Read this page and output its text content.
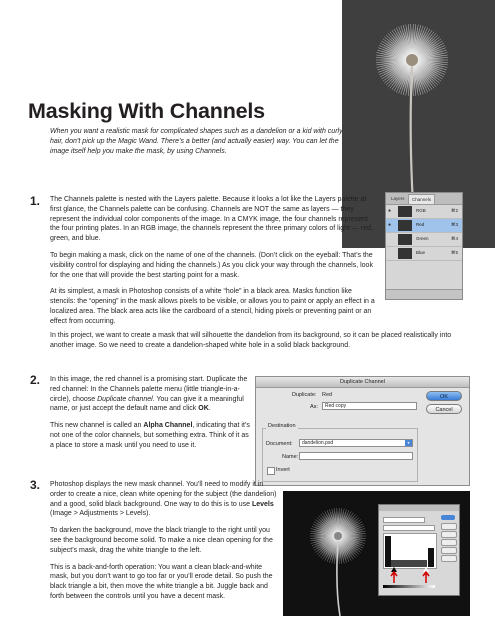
Masking With Channels

When you want a realistic mask for complicated shapes such as a dandelion or a kid with curly hair, don’t pick up the Magic Wand. There’s a better (and actually easier) way. You can let the image itself help you make the mask, by using Channels.

1. The Channels palette is nested with the Layers palette. Because it looks a lot like the Layers palette at first glance, the Channels palette can be confusing. Channels are NOT the same as layers — they represent the individual color components of the image. In a CMYK image, the four channels represent the four printing plates. In an RGB image, the channels represent the three primary colors of light — red, green, and blue.

To begin making a mask, click on the name of one of the channels. (Don’t click on the eyeball: That’s the visibility control for displaying and hiding the channels.) As you click your way through the channels, look for the one that will provide the best starting point for a mask.

At its simplest, a mask in Photoshop consists of a white “hole” in a black area. Masks function like stencils: the “opening” in the mask allows pixels to be visible, or allows you to paint or apply an effect in a localized area. The black area acts like the cardboard of a stencil, hiding pixels or preventing paint or an effect from occurring.

In this project, we want to create a mask that will silhouette the dandelion from its background, so it can be placed realistically into another image. So we need to create a dandelion-shaped white hole in a solid black background.

Layers	Channels
●	RGB	⌘2
●	Red	⌘3
Green	⌘4
Blue	⌘5
2. In this image, the red channel is a promising start. Duplicate the red channel: In the Channels palette menu (little triangle-in-a-circle), choose Duplicate channel. You can give it a meaningful name, or just accept the default name and click OK.

This new channel is called an Alpha Channel, indicating that it’s not one of the color channels, but something extra. Think of it as a place to store a mask until you need to use it.

Duplicate Channel
Duplicate: Red
As:	Red copy
Destination
Document:	dandelion.psd	▾
Name:
Invert
OK
Cancel
3. Photoshop displays the new mask channel. You’ll need to modify it in order to create a nice, clean white opening for the subject (the dandelion) and a good, solid black background. One way to do this is to use Levels (Image > Adjustments > Levels).

To darken the background, move the black triangle to the right until you see the background become solid. To make a nice clean opening for the subject’s mask, drag the white triangle to the left.

This is a back-and-forth operation: You want a clean black-and-white mask, but you don’t want to go too far or you’ll erode detail. So push the black triangle a bit, then move the white triangle a bit. Juggle back and forth between the controls until you have a decent mask.
